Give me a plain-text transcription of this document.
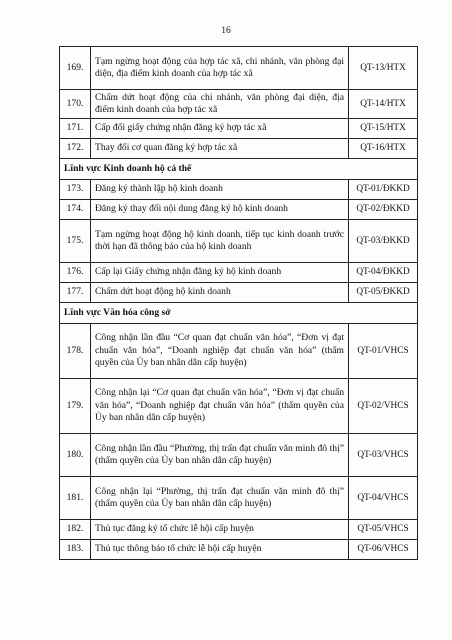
16
169.	Tạm ngừng hoạt động của hợp tác xã, chi nhánh, văn phòng đại diện, địa điểm kinh doanh của hợp tác xã	QT-13/HTX
170.	Chấm dứt hoạt động của chi nhánh, văn phòng đại diện, địa điểm kinh doanh của hợp tác xã	QT-14/HTX
171.	Cấp đổi giấy chứng nhận đăng ký hợp tác xã	QT-15/HTX
172.	Thay đổi cơ quan đăng ký hợp tác xã	QT-16/HTX
Lĩnh vực Kinh doanh hộ cá thể		
173.	Đăng ký thành lập hộ kinh doanh	QT-01/ĐKKD
174.	Đăng ký thay đổi nội dung đăng ký hộ kinh doanh	QT-02/ĐKKD
175.	Tạm ngừng hoạt động hộ kinh doanh, tiếp tục kinh doanh trước thời hạn đã thông báo của hộ kinh doanh	QT-03/ĐKKD
176.	Cấp lại Giấy chứng nhận đăng ký hộ kinh doanh	QT-04/ĐKKD
177.	Chấm dứt hoạt động hộ kinh doanh	QT-05/ĐKKD
Lĩnh vực Văn hóa công sở		
178.	Công nhận lần đầu “Cơ quan đạt chuẩn văn hóa”, “Đơn vị đạt chuẩn văn hóa”, “Doanh nghiệp đạt chuẩn văn hóa” (thẩm quyền của Ủy ban nhân dân cấp huyện)	QT-01/VHCS
179.	Công nhận lại “Cơ quan đạt chuẩn văn hóa”, “Đơn vị đạt chuẩn văn hóa”, “Doanh nghiệp đạt chuẩn văn hóa” (thẩm quyền của Ủy ban nhân dân cấp huyện)	QT-02/VHCS
180.	Công nhận lần đầu “Phường, thị trấn đạt chuẩn văn minh đô thị” (thẩm quyền của Ủy ban nhân dân cấp huyện)	QT-03/VHCS
181.	Công nhận lại “Phường, thị trấn đạt chuẩn văn minh đô thị” (thẩm quyền của Ủy ban nhân dân cấp huyện)	QT-04/VHCS
182.	Thủ tục đăng ký tổ chức lễ hội cấp huyện	QT-05/VHCS
183.	Thủ tục thông báo tổ chức lễ hội cấp huyện	QT-06/VHCS
